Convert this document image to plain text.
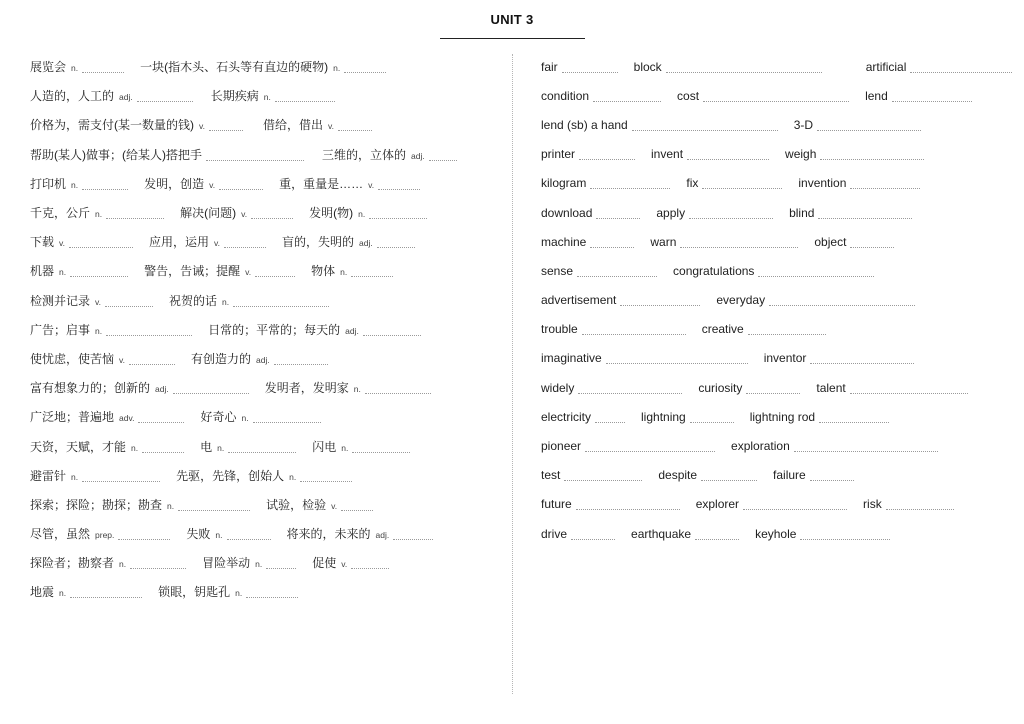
UNIT 3
展览会 n.	一块(指木头、石头等有直边的硬物) n.
人造的，人工的 adj.	长期疾病 n.
价格为，需支付(某一数量的钱) v.	借给，借出 v.
帮助(某人)做事；(给某人)搭把手	三维的，立体的 adj.
打印机 n.	发明，创造 v.	重，重量是…… v.
千克，公斤 n.	解决(问题) v.	发明(物) n.
下载 v.	应用，运用 v.	盲的，失明的 adj.
机器 n.	警告，告诫；提醒 v.	物体 n.
检测并记录 v.	祝贺的话 n.
广告；启事 n.	日常的；平常的；每天的 adj.
使忧虑，使苦恼 v.	有创造力的 adj.
富有想象力的；创新的 adj.	发明者，发明家 n.
广泛地；普遍地 adv.	好奇心 n.
天资，天赋，才能 n.	电 n.	闪电 n.
避雷针 n.	先驱，先锋，创始人 n.
探索；探险；勘探；勘查 n.	试验，检验 v.
尽管，虽然 prep.	失败 n.	将来的，未来的 adj.
探险者；勘察者 n.	冒险举动 n.	促使 v.
地震 n.	锁眼，钥匙孔 n.
fair	block	artificial
condition	cost	lend
lend (sb) a hand	3-D
printer	invent	weigh
kilogram	fix	invention
download	apply	blind
machine	warn	object
sense	congratulations
advertisement	everyday
trouble	creative
imaginative	inventor
widely	curiosity	talent
electricity	lightning	lightning rod
pioneer	exploration
test	despite	failure
future	explorer	risk
drive	earthquake	keyhole
